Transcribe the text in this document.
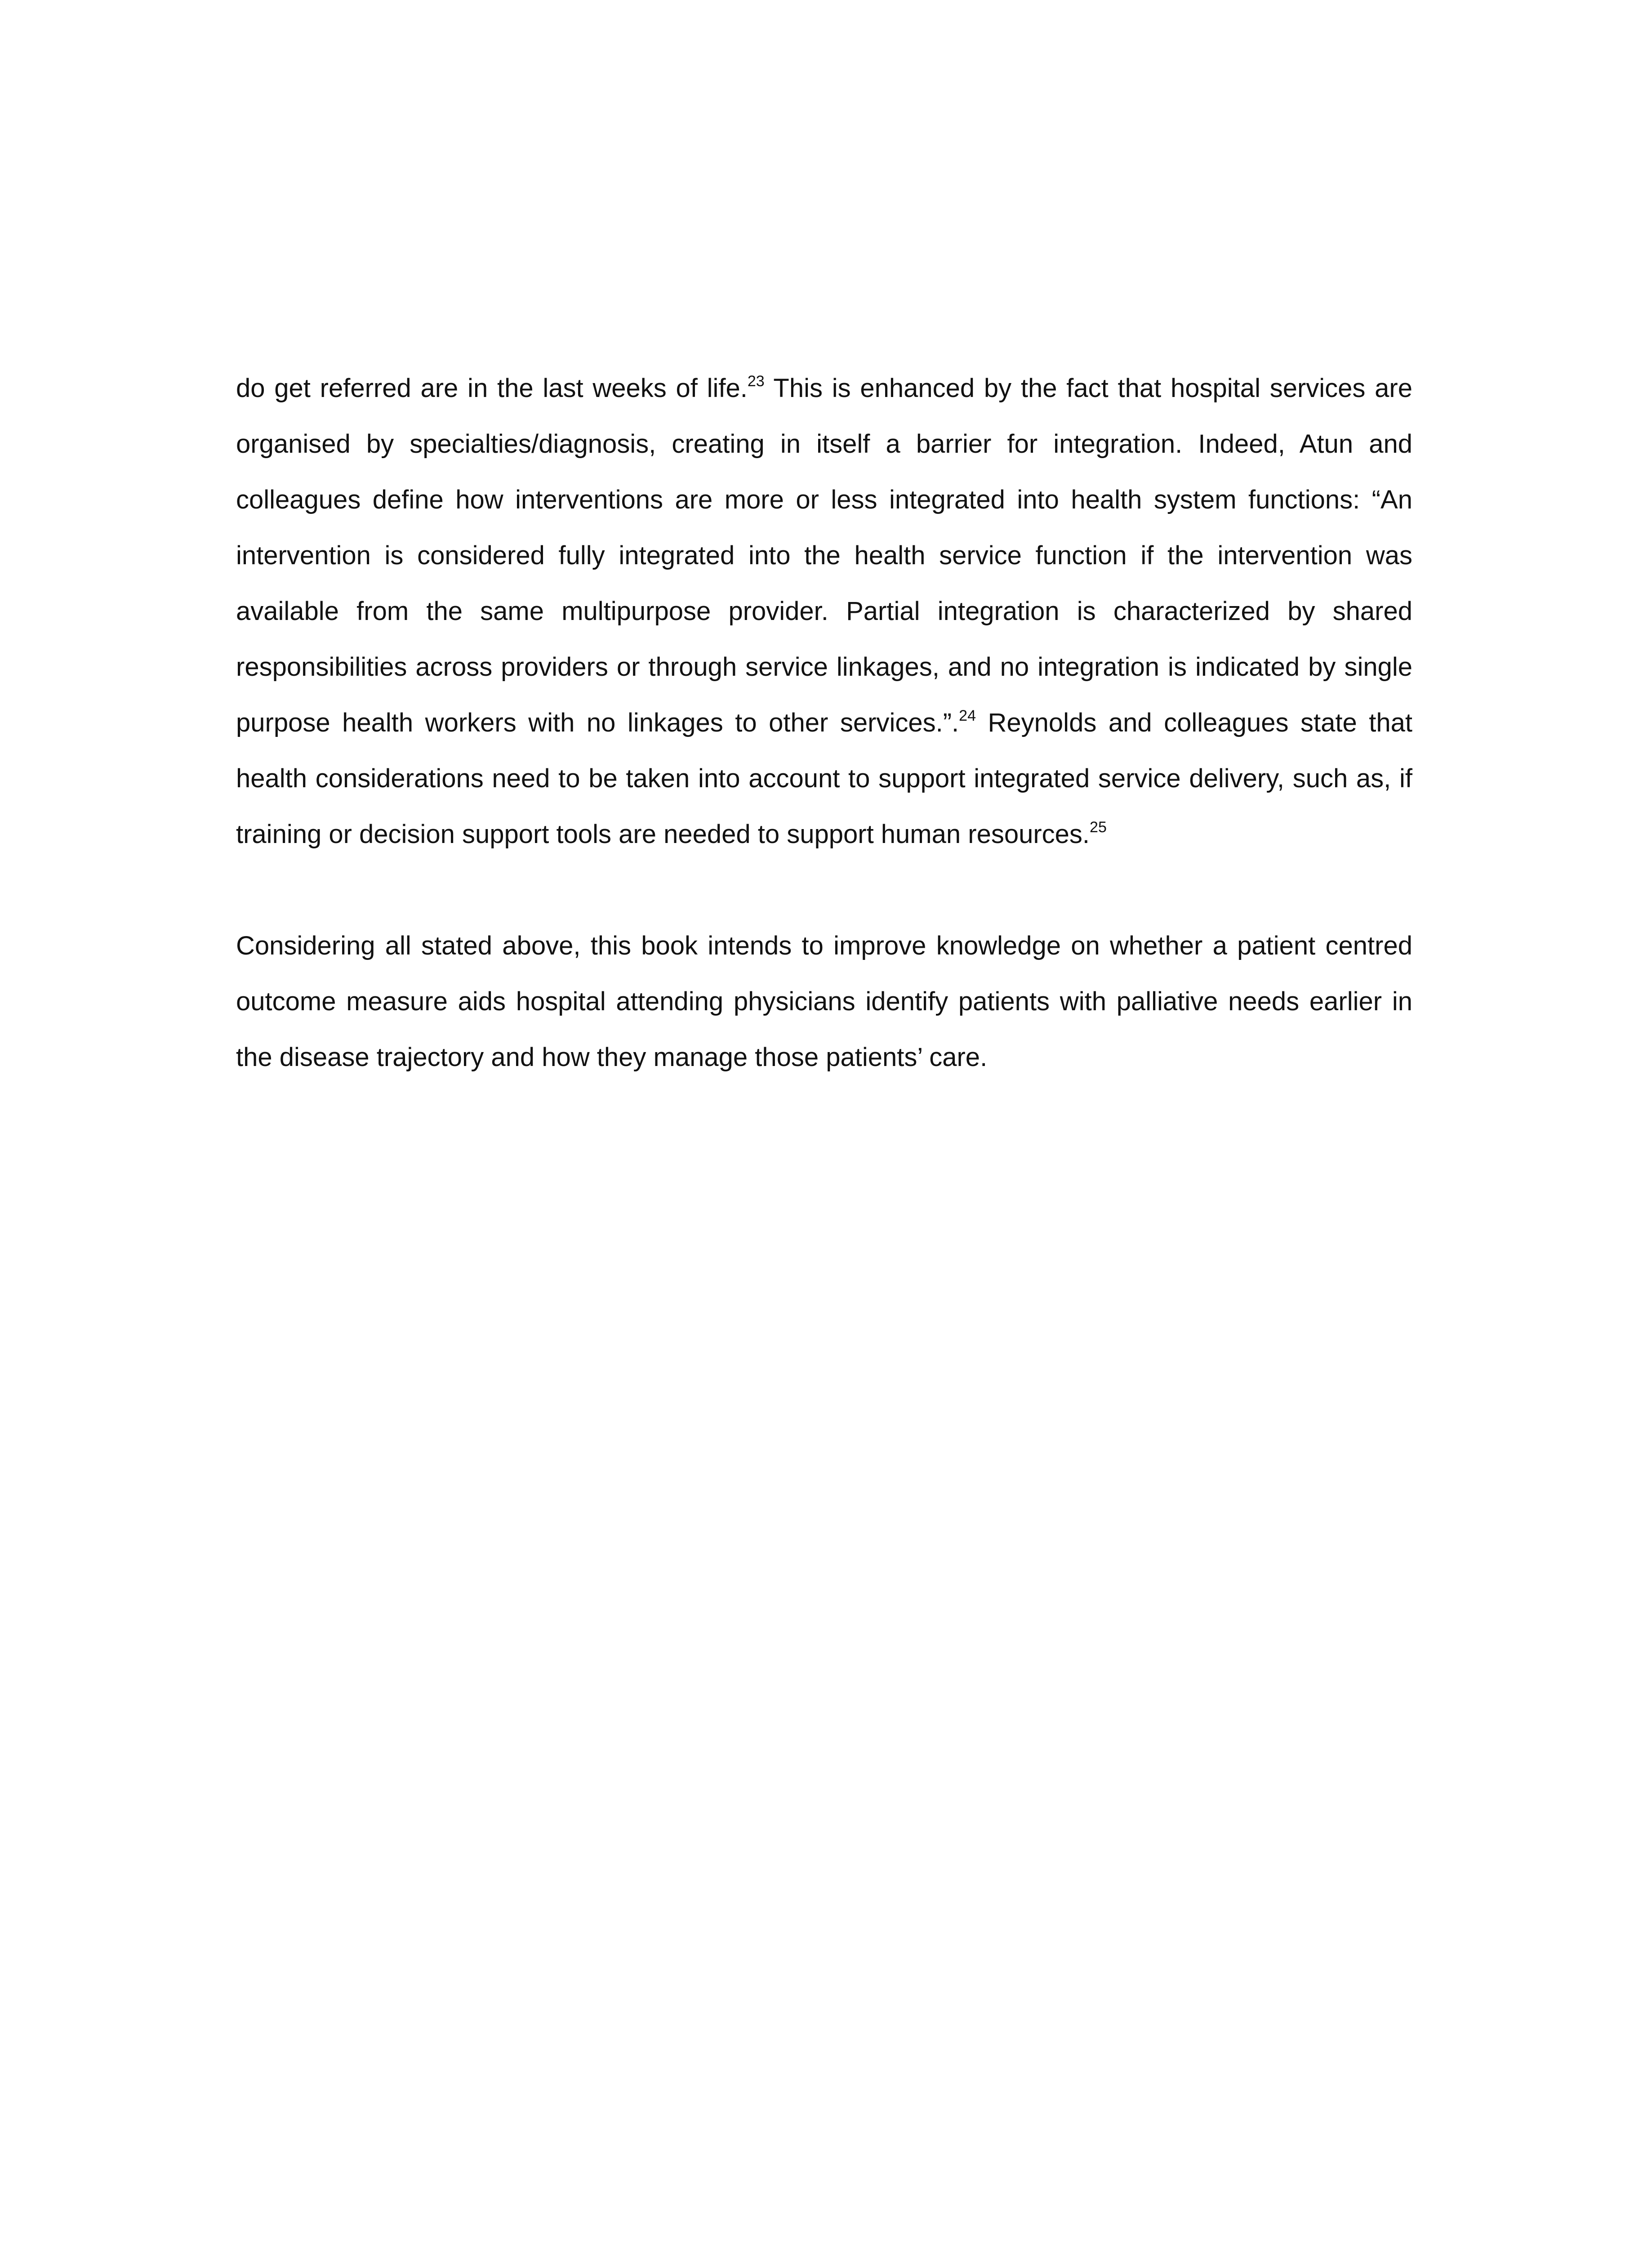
do get referred are in the last weeks of life.$^{23}$ This is enhanced by the fact that hospital services are organised by specialties/diagnosis, creating in itself a barrier for integration. Indeed, Atun and colleagues define how interventions are more or less integrated into health system functions: “An intervention is considered fully integrated into the health service function if the intervention was available from the same multipurpose provider. Partial integration is characterized by shared responsibilities across providers or through service linkages, and no integration is indicated by single purpose health workers with no linkages to other services.”.$^{24}$ Reynolds and colleagues state that health considerations need to be taken into account to support integrated service delivery, such as, if training or decision support tools are needed to support human resources.$^{25}$

Considering all stated above, this book intends to improve knowledge on whether a patient centred outcome measure aids hospital attending physicians identify patients with palliative needs earlier in the disease trajectory and how they manage those patients’ care.
